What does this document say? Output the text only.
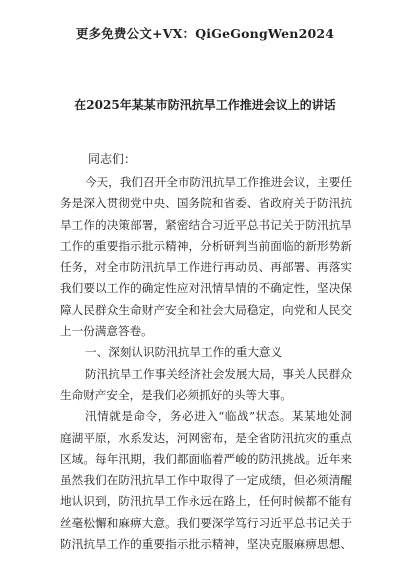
更多免费公文+VX：QiGeGongWen2024
在2025年某某市防汛抗旱工作推进会议上的讲话
同志们：
今天，我们召开全市防汛抗旱工作推进会议，主要任
务是深入贯彻党中央、国务院和省委、省政府关于防汛抗
旱工作的决策部署，紧密结合习近平总书记关于防汛抗旱
工作的重要指示批示精神，分析研判当前面临的新形势新
任务，对全市防汛抗旱工作进行再动员、再部署、再落实
我们要以工作的确定性应对汛情旱情的不确定性，坚决保
障人民群众生命财产安全和社会大局稳定，向党和人民交
上一份满意答卷。
一、深刻认识防汛抗旱工作的重大意义
防汛抗旱工作事关经济社会发展大局，事关人民群众
生命财产安全，是我们必须抓好的头等大事。
汛情就是命令，务必进入“临战”状态。某某地处洞
庭湖平原，水系发达，河网密布，是全省防汛抗灾的重点
区域。每年汛期，我们都面临着严峻的防汛挑战。近年来
虽然我们在防汛抗旱工作中取得了一定成绩，但必须清醒
地认识到，防汛抗旱工作永远在路上，任何时候都不能有
丝毫松懈和麻痹大意。我们要深学笃行习近平总书记关于
防汛抗旱工作的重要指示批示精神，坚决克服麻痹思想、
